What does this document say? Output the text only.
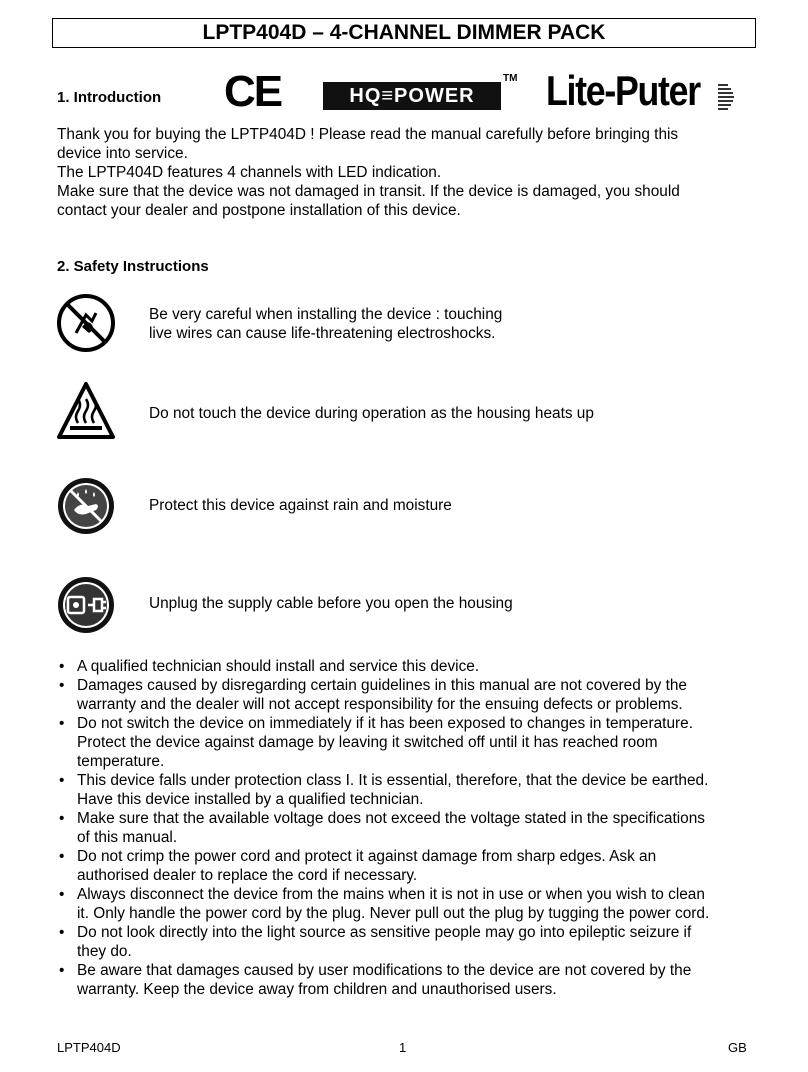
LPTP404D – 4-CHANNEL DIMMER PACK
1. Introduction CE	HQ≡POWER
TM Lite-Puter
Thank you for buying the LPTP404D ! Please read the manual carefully before bringing this
device into service.
The LPTP404D features 4 channels with LED indication.
Make sure that the device was not damaged in transit. If the device is damaged, you should
contact your dealer and postpone installation of this device.
2. Safety Instructions
Be very careful when installing the device : touching
live wires can cause life-threatening electroshocks.
Do not touch the device during operation as the housing heats up
Protect this device against rain and moisture
Unplug the supply cable before you open the housing
• A qualified technician should install and service this device.
• Damages caused by disregarding certain guidelines in this manual are not covered by the
warranty and the dealer will not accept responsibility for the ensuing defects or problems.
• Do not switch the device on immediately if it has been exposed to changes in temperature.
Protect the device against damage by leaving it switched off until it has reached room
temperature.
• This device falls under protection class I. It is essential, therefore, that the device be earthed.
Have this device installed by a qualified technician.
• Make sure that the available voltage does not exceed the voltage stated in the specifications
of this manual.
• Do not crimp the power cord and protect it against damage from sharp edges. Ask an
authorised dealer to replace the cord if necessary.
• Always disconnect the device from the mains when it is not in use or when you wish to clean
it. Only handle the power cord by the plug. Never pull out the plug by tugging the power cord.
• Do not look directly into the light source as sensitive people may go into epileptic seizure if
they do.
• Be aware that damages caused by user modifications to the device are not covered by the
warranty. Keep the device away from children and unauthorised users.
LPTP404D	1	GB
